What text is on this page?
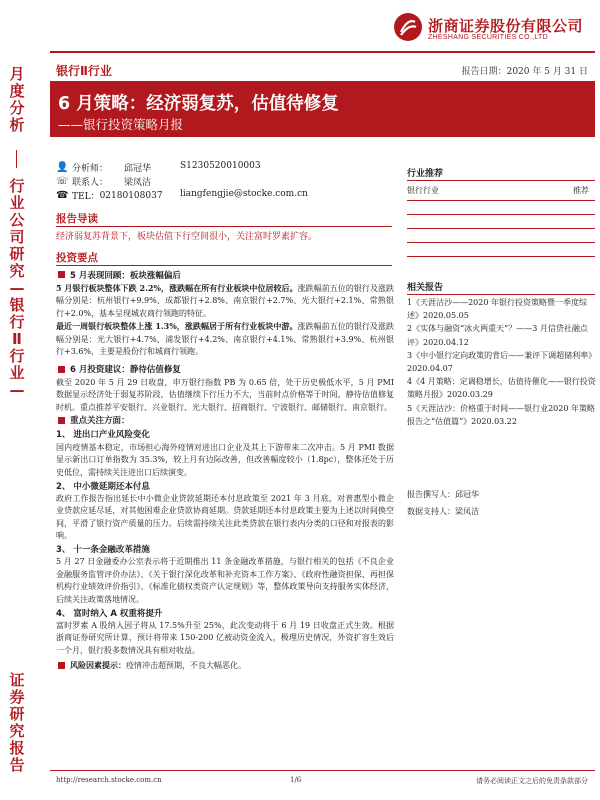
浙商证券股份有限公司
ZHESHANG SECURITIES CO.,LTD
月度分析
行业公司研究—银行Ⅱ行业—
证券研究报告
银行Ⅱ行业	报告日期：2020 年 5 月 31 日
6 月策略：经济弱复苏，估值待修复
——银行投资策略月报
👤 分析师：	邱冠华	S1230520010003
☏ 联系人：	梁凤洁
☎ TEL： 02180108037 liangfengjie@stocke.com.cn
报告导读
经济弱复苏背景下，板块估值下行空间很小，关注富时罗素扩容。
投资要点
5 月表现回顾：板块涨幅偏后
5 月银行板块整体下跌 2.2%，涨跌幅在所有行业板块中位居较后。涨跌幅前五位的银行及涨跌幅分别是：杭州银行+9.9%、成都银行+2.8%、南京银行+2.7%、光大银行+2.1%、常熟银行+2.0%，基本呈现城农商行领跑的特征。
最近一周银行板块整体上涨 1.3%，涨跌幅居于所有行业板块中游。涨跌幅前五位的银行及涨跌幅分别是：光大银行+4.7%、浦发银行+4.2%、南京银行+4.1%、常熟银行+3.9%、杭州银行+3.6%，主要是股份行和城商行领跑。
6 月投资建议：静待估值修复
截至 2020 年 5 月 29 日收盘，申万银行指数 PB 为 0.65 倍，处于历史极低水平，5 月 PMI 数据显示经济处于弱复苏阶段，估值继续下行压力不大，当前时点价格等于时间，静待估值修复时机。重点推荐平安银行、兴业银行、光大银行、招商银行、宁波银行、邮储银行、南京银行。
重点关注方面：
1、 进出口产业风险变化
国内疫情基本稳定，市场担心海外疫情对进出口企业及其上下游带来二次冲击。5 月 PMI 数据显示新出口订单指数为 35.3%，较上月有边际改善，但改善幅度较小（1.8pc），整体还处于历史低位，需持续关注进出口后续演变。
2、 中小微延期还本付息
政府工作报告指出延长中小微企业贷款延期还本付息政策至 2021 年 3 月底，对普惠型小微企业贷款应延尽延，对其他困难企业贷款协商延期。贷款延期还本付息政策主要为上述以时间换空间，平滑了银行资产质量的压力。后续需持续关注此类贷款在银行表内分类的口径和对报表的影响。
3、 十一条金融改革措施
5 月 27 日金融委办公室表示将于近期推出 11 条金融改革措施，与银行相关的包括《不良企业金融服务监管评价办法》、《关于银行深化改革和补充资本工作方案》、《政府性融资担保、再担保机构行业绩效评价指引》、《标准化债权类资产认定规则》等，整体政策导向支持服务实体经济，后续关注政策落地情况。
4、 富时纳入 A 权重将提升
富时罗素 A 股纳入因子将从 17.5%升至 25%，此次变动将于 6 月 19 日收盘正式生效。根据浙商证券研究所计算，预计将带来 150-200 亿被动资金流入，极理历史情况，外资扩容生效后一个月，银行股多数情况具有相对收益。
风险因素提示：疫情冲击超预期，不良大幅恶化。
行业推荐
银行行业	推荐
相关报告
1《天涯沽沙——2020 年银行投资策略暨一季度综述》2020.05.05
2《实体与融资“冰火两重天”？——3 月信贷社融点评》2020.04.12
3《中小银行定向政策的背后——兼评下调超储利率》2020.04.07
4《4 月策略：定调稳增长，估值待催化——银行投资策略月报》2020.03.29
5《天涯沽沙：价格重于时间——银行业2020 年策略报告之“估值篇”》2020.03.22
报告撰写人：邱冠华
数据支持人：梁凤洁
http://research.stocke.com.cn	1/6	请务必阅读正文之后的免责条款部分
